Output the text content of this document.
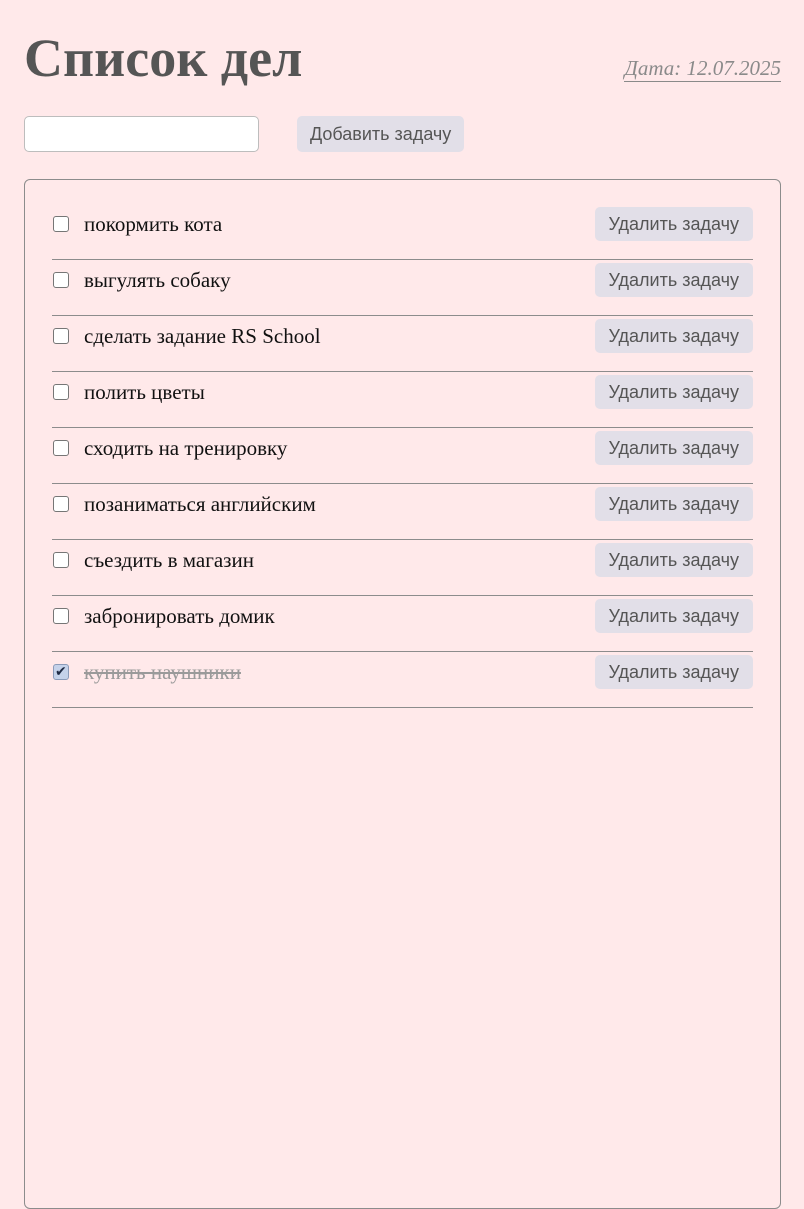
Список дел	Дата: 12.07.2025
Добавить задачу
покормить кота	Удалить задачу
выгулять собаку	Удалить задачу
сделать задание RS School	Удалить задачу
полить цветы	Удалить задачу
сходить на тренировку	Удалить задачу
позаниматься английским	Удалить задачу
съездить в магазин	Удалить задачу
забронировать домик	Удалить задачу
✔
купить наушники	Удалить задачу
